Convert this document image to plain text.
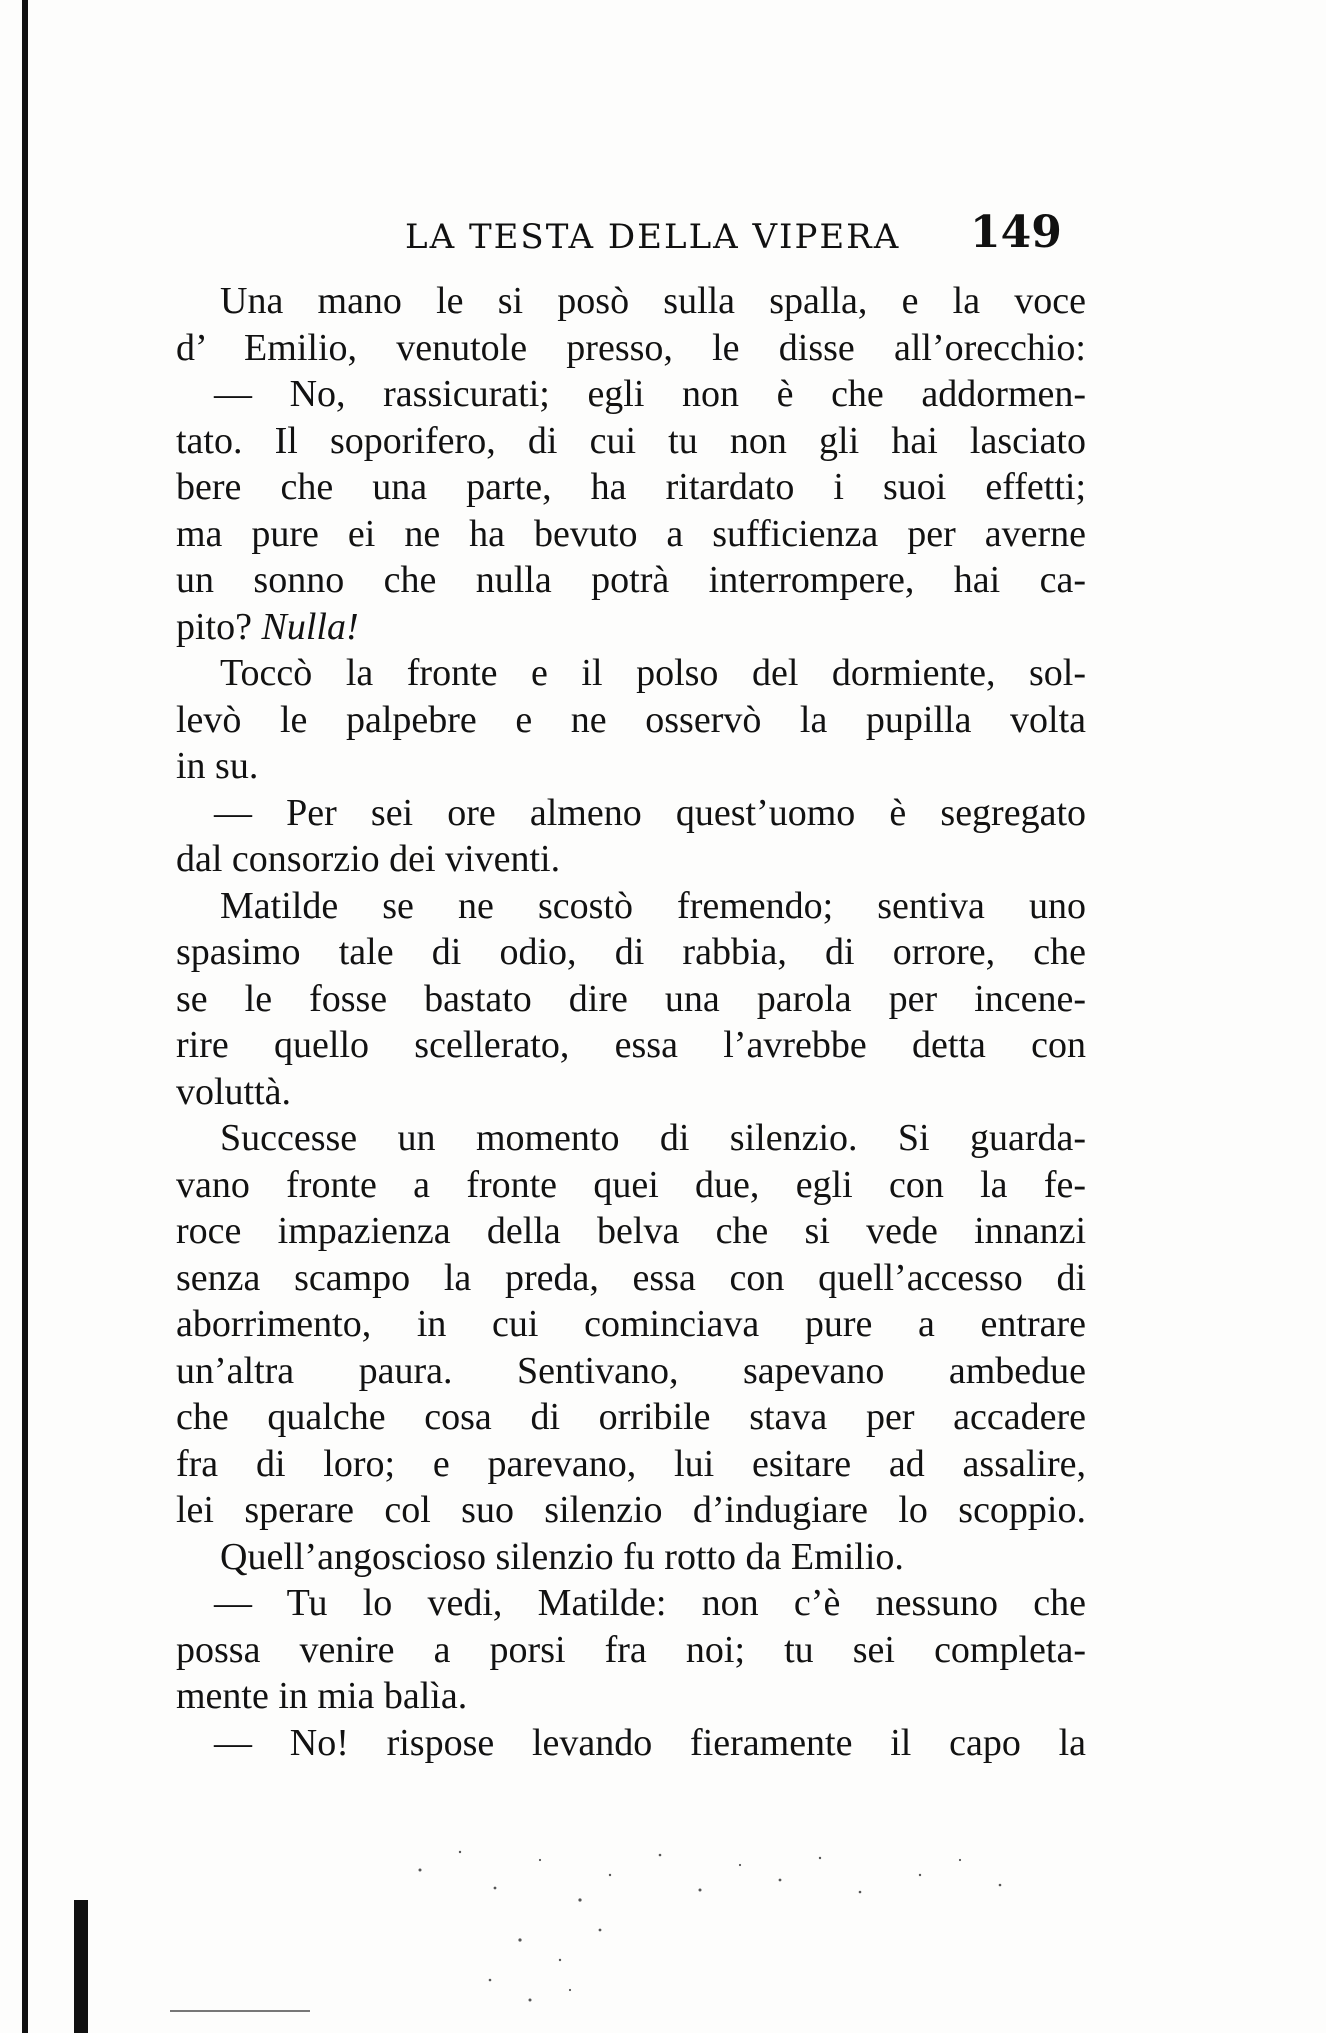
LA TESTA DELLA VIPERA 149
Una mano le si posò sulla spalla, e la voce
d’ Emilio, venutole presso, le disse all’orecchio:
— No, rassicurati; egli non è che addormen-
tato. Il soporifero, di cui tu non gli hai lasciato
bere che una parte, ha ritardato i suoi effetti;
ma pure ei ne ha bevuto a sufficienza per averne
un sonno che nulla potrà interrompere, hai ca-
pito? Nulla!
Toccò la fronte e il polso del dormiente, sol-
levò le palpebre e ne osservò la pupilla volta
in su.
— Per sei ore almeno quest’uomo è segregato
dal consorzio dei viventi.
Matilde se ne scostò fremendo; sentiva uno
spasimo tale di odio, di rabbia, di orrore, che
se le fosse bastato dire una parola per incene-
rire quello scellerato, essa l’avrebbe detta con
voluttà.
Successe un momento di silenzio. Si guarda-
vano fronte a fronte quei due, egli con la fe-
roce impazienza della belva che si vede innanzi
senza scampo la preda, essa con quell’accesso di
aborrimento, in cui cominciava pure a entrare
un’altra paura. Sentivano, sapevano ambedue
che qualche cosa di orribile stava per accadere
fra di loro; e parevano, lui esitare ad assalire,
lei sperare col suo silenzio d’indugiare lo scoppio.
Quell’angoscioso silenzio fu rotto da Emilio.
— Tu lo vedi, Matilde: non c’è nessuno che
possa venire a porsi fra noi; tu sei completa-
mente in mia balìa.
— No! rispose levando fieramente il capo la
